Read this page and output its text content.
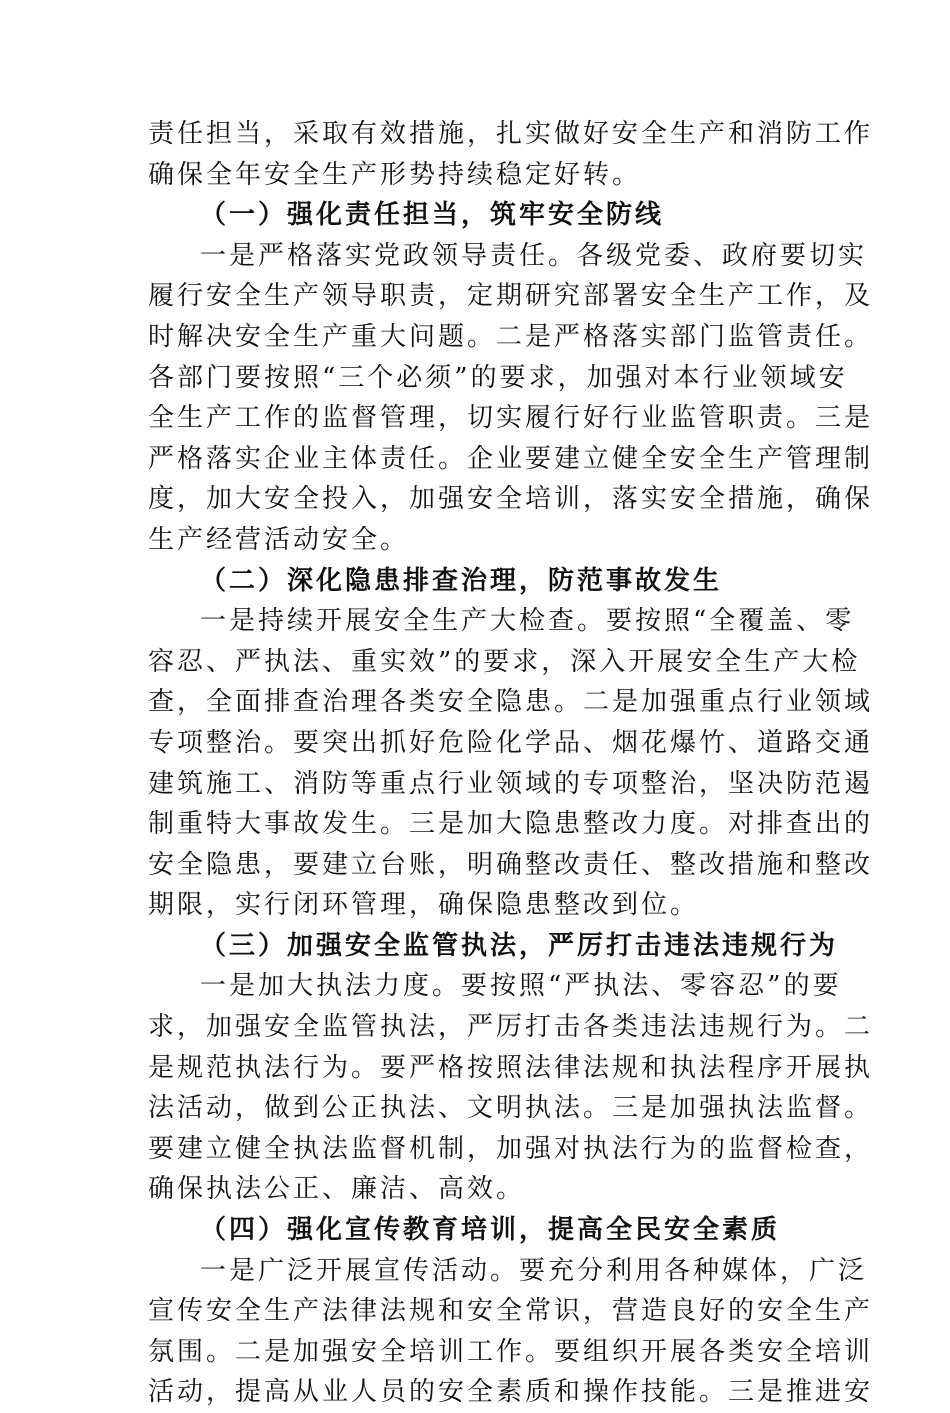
责任担当，采取有效措施，扎实做好安全生产和消防工作
确保全年安全生产形势持续稳定好转。
（一）强化责任担当，筑牢安全防线
一是严格落实党政领导责任。各级党委、政府要切实
履行安全生产领导职责，定期研究部署安全生产工作，及
时解决安全生产重大问题。二是严格落实部门监管责任。
各部门要按照“三个必须”的要求，加强对本行业领域安
全生产工作的监督管理，切实履行好行业监管职责。三是
严格落实企业主体责任。企业要建立健全安全生产管理制
度，加大安全投入，加强安全培训，落实安全措施，确保
生产经营活动安全。
（二）深化隐患排查治理，防范事故发生
一是持续开展安全生产大检查。要按照“全覆盖、零
容忍、严执法、重实效”的要求，深入开展安全生产大检
查，全面排查治理各类安全隐患。二是加强重点行业领域
专项整治。要突出抓好危险化学品、烟花爆竹、道路交通
建筑施工、消防等重点行业领域的专项整治，坚决防范遏
制重特大事故发生。三是加大隐患整改力度。对排查出的
安全隐患，要建立台账，明确整改责任、整改措施和整改
期限，实行闭环管理，确保隐患整改到位。
（三）加强安全监管执法，严厉打击违法违规行为
一是加大执法力度。要按照“严执法、零容忍”的要
求，加强安全监管执法，严厉打击各类违法违规行为。二
是规范执法行为。要严格按照法律法规和执法程序开展执
法活动，做到公正执法、文明执法。三是加强执法监督。
要建立健全执法监督机制，加强对执法行为的监督检查，
确保执法公正、廉洁、高效。
（四）强化宣传教育培训，提高全民安全素质
一是广泛开展宣传活动。要充分利用各种媒体，广泛
宣传安全生产法律法规和安全常识，营造良好的安全生产
氛围。二是加强安全培训工作。要组织开展各类安全培训
活动，提高从业人员的安全素质和操作技能。三是推进安
